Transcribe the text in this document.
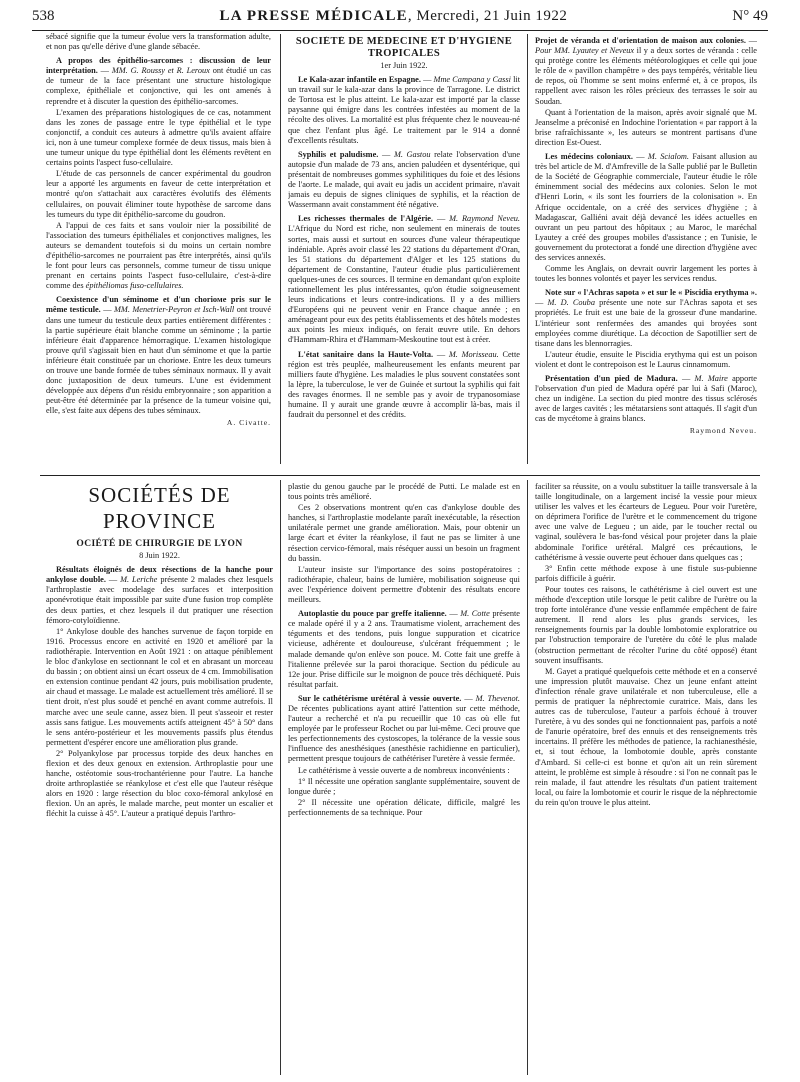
538	LA PRESSE MÉDICALE, Mercredi, 21 Juin 1922	N° 49

sébacé signifie que la tumeur évolue vers la transformation adulte, et non pas qu'elle dérive d'une glande sébacée.

A propos des épithélio-sarcomes : discussion de leur interprétation. — MM. G. Roussy et R. Leroux ont étudié un cas de tumeur de la face présentant une structure histologique complexe, épithéliale et conjonctive, qui les ont amenés à reprendre et à discuter la question des épithélio-sarcomes.

L'examen des préparations histologiques de ce cas, notamment dans les zones de passage entre le type épithélial et le type conjonctif, a conduit ces auteurs à admettre qu'ils avaient affaire ici, non à une tumeur complexe formée de deux tissus, mais bien à une tumeur unique du type épithélial dont les éléments revêtent en certains points l'aspect fuso-cellulaire.

L'étude de cas personnels de cancer expérimental du goudron leur a apporté les arguments en faveur de cette interprétation et montré qu'on s'attachait aux caractères évolutifs des éléments cellulaires, on pouvait éliminer toute hypothèse de sarcome dans les tumeurs du type dit épithélio-sarcome du goudron.

A l'appui de ces faits et sans vouloir nier la possibilité de l'association des tumeurs épithéliales et conjonctives malignes, les auteurs se demandent toutefois si du moins un certain nombre d'épithélio-sarcomes ne pourraient pas être interprétés, ainsi qu'ils le font pour leurs cas personnels, comme tumeur de tissu unique prenant en certains points l'aspect fuso-cellulaire, c'est-à-dire comme des épithéliomas fuso-cellulaires.

Coexistence d'un séminome et d'un chorioме pris sur le même testicule. — MM. Menetrier-Peyron et Isch-Wall ont trouvé dans une tumeur du testicule deux parties entièrement différentes : la partie supérieure était blanche comme un séminome ; la partie inférieure était d'apparence hémorragique. L'examen histologique prouve qu'il s'agissait bien en haut d'un séminome et que la partie inférieure était constituée par un chorioме. Entre les deux tumeurs on trouve une bande formée de tubes séminaux normaux. Il y avait donc juxtaposition de deux tumeurs. L'une est évidemment développée aux dépens d'un résidu embryonnaire ; son apparition a peut-être été déterminée par la présence de la tumeur voisine qui, elle, s'est faite aux dépens des tubes séminaux.

A. Civatte.
SOCIÉTÉ DE MÉDECINE ET D'HYGIÈNE TROPICALES
1er Juin 1922.

Le Kala-azar infantile en Espagne. — Mme Campana y Cassi lit un travail sur le kala-azar dans la province de Tarragone. Le district de Tortosa est le plus atteint. Le kala-azar est importé par la classe paysanne qui émigre dans les contrées infestées au moment de la récolte des olives. La mortalité est plus fréquente chez le nouveau-né que chez l'enfant plus âgé. Le traitement par le 914 a donné d'excellents résultats.

Syphilis et paludisme. — M. Gastou relate l'observation d'une autopsie d'un malade de 73 ans, ancien paludéen et dysentérique, qui présentait de nombreuses gommes syphilitiques du foie et des lésions de l'aorte. Le malade, qui avait eu jadis un accident primaire, n'avait jamais eu depuis de signes cliniques de syphilis, et la réaction de Wassermann avait constamment été négative.

Les richesses thermales de l'Algérie. — M. Raymond Neveu. L'Afrique du Nord est riche, non seulement en minerais de toutes sortes, mais aussi et surtout en sources d'une valeur thérapeutique indéniable. Après avoir classé les 22 stations du département d'Oran, les 51 stations du département d'Alger et les 125 stations du département de Constantine, l'auteur étudie plus particulièrement quelques-unes de ces sources. Il termine en demandant qu'on exploite rationnellement les plus intéressantes, qu'on étudie soigneusement leurs indications et leurs contre-indications. Il y a des milliers d'Européens qui ne peuvent venir en France chaque année ; en aménageant pour eux des petits établissements et des hôtels modestes aux points les mieux indiqués, on ferait œuvre utile. En dehors d'Hammam-Rhira et d'Hammam-Meskoutine tout est à créer.

L'état sanitaire dans la Haute-Volta. — M. Morisseau. Cette région est très peuplée, malheureusement les enfants meurent par milliers faute d'hygiène. Les maladies le plus souvent constatées sont la lèpre, la tuberculose, le ver de Guinée et surtout la syphilis qui fait des ravages énormes. Il ne semble pas y avoir de trypanosomiase humaine. Il y aurait une grande œuvre à accomplir là-bas, mais il faudrait du personnel et des crédits.

Projet de véranda et d'orientation de maison aux colonies. — Pour MM. Lyautey et Neveux il y a deux sortes de véranda : celle qui protège contre les éléments météorologiques et celle qui joue le rôle de « pavillon champêtre » des pays tempérés, véritable lieu de repos, où l'homme se sent moins enfermé et, à ce propos, ils rappellent avec raison les rôles précieux des terrasses le soir au Soudan.

Quant à l'orientation de la maison, après avoir signalé que M. Jeanselme a préconisé en Indochine l'orientation « par rapport à la brise rafraîchissante », les auteurs se montrent partisans d'une direction Est-Ouest.

Les médecins coloniaux. — M. Scialom. Faisant allusion au très bel article de M. d'Amfreville de la Salle publié par le Bulletin de la Société de Géographie commerciale, l'auteur étudie le rôle éminemment social des médecins aux colonies. Selon le mot d'Henri Lorin, « ils sont les fourriers de la colonisation ». En Afrique occidentale, on a créé des services d'hygiène ; à Madagascar, Galliéni avait déjà devancé les idées actuelles en ouvrant un peu partout des hôpitaux ; au Maroc, le maréchal Lyautey a créé des groupes mobiles d'assistance ; en Tunisie, le gouvernement du protectorat a fondé une direction d'hygiène avec des services annexés.

Comme les Anglais, on devrait ouvrir largement les portes à toutes les bonnes volontés et payer les services rendus.

Note sur « l'Achras sapota » et sur le « Piscidia erythyma ». — M. D. Couba présente une note sur l'Achras sapota et ses propriétés. Le fruit est une baie de la grosseur d'une mandarine. L'intérieur sont renfermées des amandes qui broyées sont employées comme diurétique. La décoction de Sapotillier sert de tisane dans les blennorragies.

L'auteur étudie, ensuite le Piscidia erythyma qui est un poison violent et dont le contrepoison est le Laurus cinnamomum.

Présentation d'un pied de Madura. — M. Maire apporte l'observation d'un pied de Madura opéré par lui à Safi (Maroc), chez un indigène. La section du pied montre des tissus sclérosés avec de larges cavités ; les métatarsiens sont attaqués. Il s'agit d'un cas de mycétome à grains blancs.

Raymond Neveu.
SOCIÉTÉS DE PROVINCE
OCIÉTÉ DE CHIRURGIE DE LYON
8 Juin 1922.

Résultats éloignés de deux résections de la hanche pour ankylose double. — M. Leriche présente 2 malades chez lesquels l'arthroplastie avec modelage des surfaces et interposition aponévrotique était impossible par suite d'une fusion trop complète des deux parties, et chez lesquels il dut pratiquer une résection fémoro-cotyloïdienne.

1° Ankylose double des hanches survenue de façon torpide en 1916. Processus encore en activité en 1920 et amélioré par la radiothérapie. Intervention en Août 1921 : on attaque péniblement le bloc d'ankylose en sectionnant le col et en abrasant un morceau du bassin ; on obtient ainsi un écart osseux de 4 cm. Immobilisation en extension continue pendant 42 jours, puis mobilisation prudente, air chaud et massage. Le malade est actuellement très amélioré. Il se tient droit, n'est plus soudé et penché en avant comme autrefois. Il marche avec une seule canne, assez bien. Il peut s'asseoir et rester assis sans fatigue. Les mouvements actifs atteignent 45° à 50° dans le sens antéro-postérieur et les mouvements passifs plus étendus permettent d'espérer encore une amélioration plus grande.

2° Polyankylose par processus torpide des deux hanches en flexion et des deux genoux en extension. Arthroplastie pour une hanche, ostéotomie sous-trochantérienne pour l'autre. La hanche droite arthroplastiée se réankylose et c'est elle que l'auteur résèque alors en 1920 : large résection du bloc coxo-fémoral ankylosé en flexion. Un an après, le malade marche, peut monter un escalier et fléchit la cuisse à 45°. L'auteur a pratiqué depuis l'arthro-

plastie du genou gauche par le procédé de Putti. Le malade est en tous points très amélioré.

Ces 2 observations montrent qu'en cas d'ankylose double des hanches, si l'arthroplastie modelante paraît inexécutable, la résection unilatérale permet une grande amélioration. Mais, pour obtenir un large écart et éviter la réankylose, il faut ne pas se limiter à une résection cervico-fémoral, mais réséquer aussi un besoin un fragment du bassin.

L'auteur insiste sur l'importance des soins postopératoires : radiothérapie, chaleur, bains de lumière, mobilisation soigneuse qui avec l'expérience doivent permettre d'obtenir des résultats encore meilleurs.

Autoplastie du pouce par greffe italienne. — M. Cotte présente ce malade opéré il y a 2 ans. Traumatisme violent, arrachement des téguments et des tendons, puis longue suppuration et cicatrice vicieuse, adhérente et douloureuse, s'ulcérant fréquemment ; le malade demande qu'on enlève son pouce. M. Cotte fait une greffe à l'italienne prélevée sur la paroi thoracique. Section du pédicule au 12e jour. Prise difficile sur le moignon de pouce très déchiqueté. Puis résultat parfait.

Sur le cathétérisme urétéral à vessie ouverte. — M. Thevenot. De récentes publications ayant attiré l'attention sur cette méthode, l'auteur a recherché et n'a pu recueillir que 10 cas où elle fut employée par le professeur Rochet ou par lui-même. Ceci prouve que les perfectionnements des cystoscopes, la tolérance de la vessie sous l'influence des anesthésiques (anesthésie rachidienne en particulier), permettent presque toujours de cathétériser l'uretère à vessie fermée.

Le cathétérisme à vessie ouverte a de nombreux inconvénients :

1° Il nécessite une opération sanglante supplémentaire, souvent de longue durée ;

2° Il nécessite une opération délicate, difficile, malgré les perfectionnements de sa technique. Pour

faciliter sa réussite, on a voulu substituer la taille transversale à la taille longitudinale, on a largement incisé la vessie pour mieux utiliser les valves et les écarteurs de Legueu. Pour voir l'uretère, on déprimera l'orifice de l'urètre et le commencement du trigone avec une valve de Legueu ; un aide, par le toucher rectal ou vaginal, soulèvera le bas-fond vésical pour projeter dans la plaie abdominale l'orifice urétéral. Malgré ces précautions, le cathétérisme à vessie ouverte peut échouer dans quelques cas ;

3° Enfin cette méthode expose à une fistule sus-pubienne parfois difficile à guérir.

Pour toutes ces raisons, le cathétérisme à ciel ouvert est une méthode d'exception utile lorsque le petit calibre de l'urètre ou la trop forte intolérance d'une vessie enflammée empêchent de faire autrement. Il rend alors les plus grands services, les renseignements fournis par la double lombotomie exploratrice ou par l'obstruction temporaire de l'uretère du côté le plus malade (obstruction permettant de récolter l'urine du côté opposé) étant souvent insuffisants.

M. Gayet a pratiqué quelquefois cette méthode et en a conservé une impression plutôt mauvaise. Chez un jeune enfant atteint d'infection rénale grave unilatérale et non tuberculeuse, elle a permis de pratiquer la néphrectomie curatrice. Mais, dans les autres cas de tuberculose, l'auteur a parfois échoué à trouver l'uretère, à vu des sondes qui ne fonctionnaient pas, parfois a noté de l'anurie opératoire, bref des ennuis et des renseignements très incertains. Il préfère les méthodes de patience, la rachianesthésie, et, si tout échoue, la lombotomie double, après constante d'Ambard. Si celle-ci est bonne et qu'on ait un rein sûrement atteint, le problème est simple à résoudre : si l'on ne connaît pas le rein malade, il faut attendre les résultats d'un patient traitement local, ou faire la lombotomie et courir le risque de la néphrectomie du rein qu'on trouve le plus atteint.
